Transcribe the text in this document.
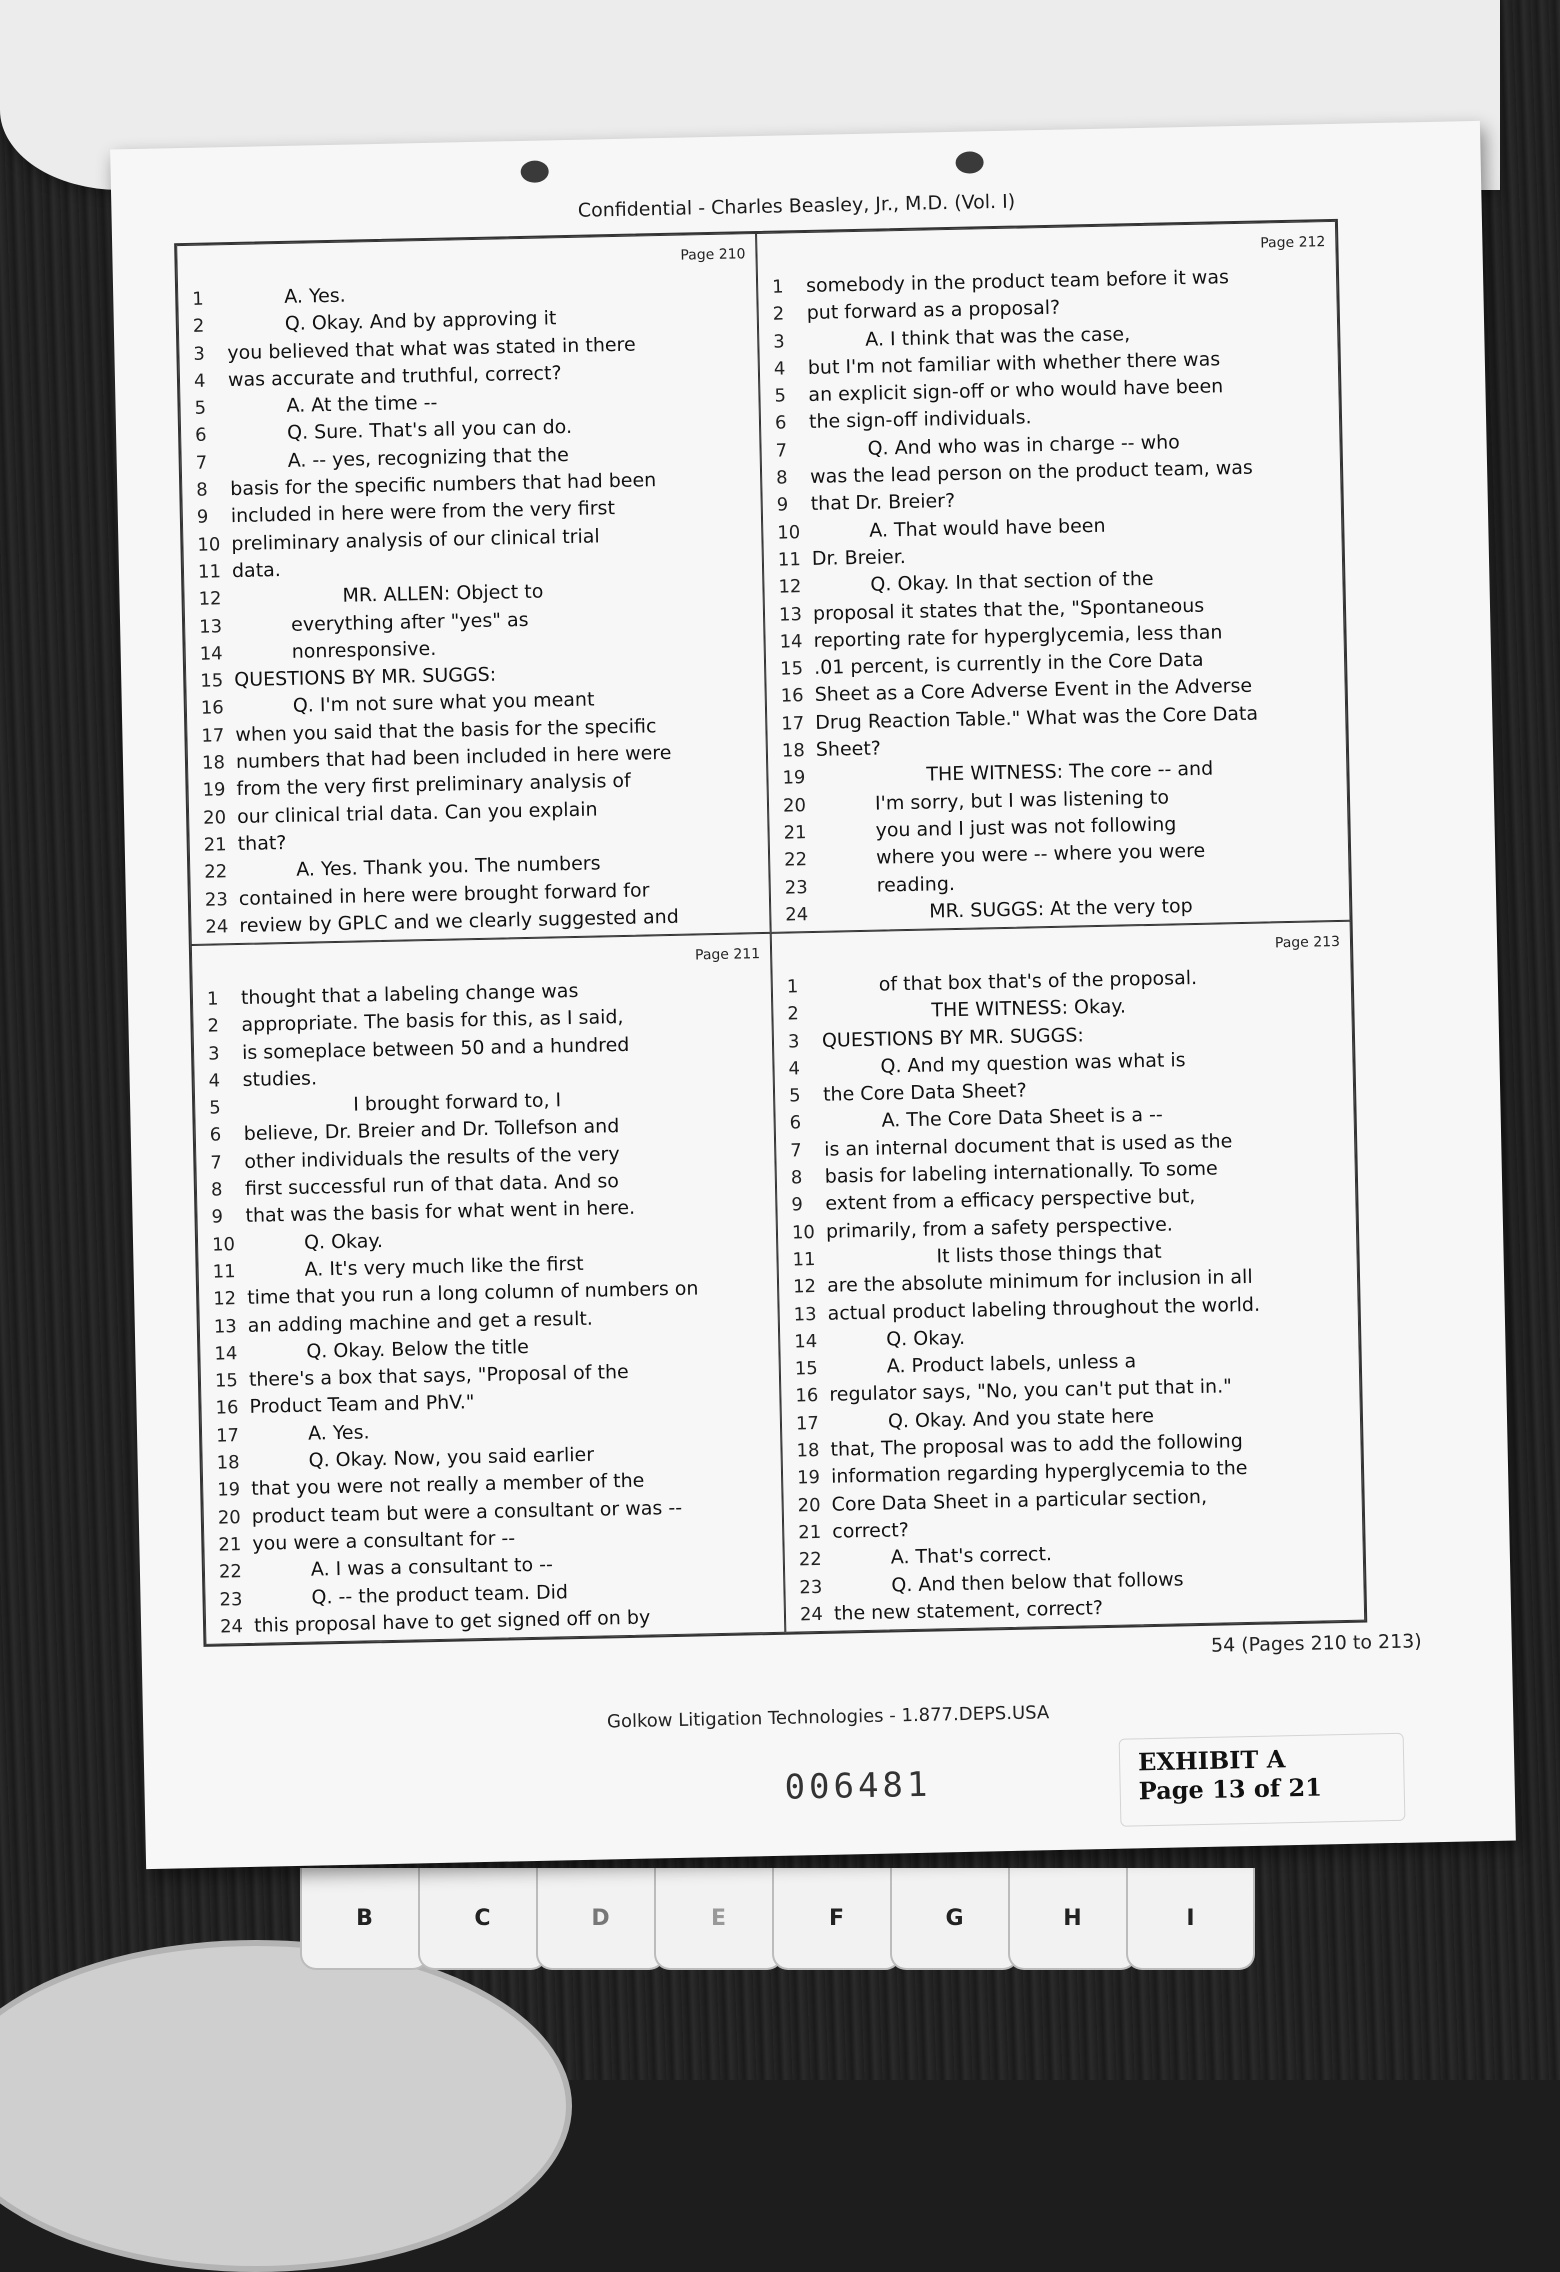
B	C	D	E	F	G	H	I
Confidential - Charles Beasley, Jr., M.D. (Vol. I)
Page 210
1	A. Yes.
2	Q. Okay. And by approving it
3	you believed that what was stated in there
4	was accurate and truthful, correct?
5	A. At the time --
6	Q. Sure. That's all you can do.
7	A. -- yes, recognizing that the
8	basis for the specific numbers that had been
9	included in here were from the very first
10 preliminary analysis of our clinical trial
11 data.
12	MR. ALLEN: Object to
13	everything after "yes" as
14	nonresponsive.
15 QUESTIONS BY MR. SUGGS:
16	Q. I'm not sure what you meant
17 when you said that the basis for the specific
18 numbers that had been included in here were
19 from the very first preliminary analysis of
20 our clinical trial data. Can you explain
21 that?
22	A. Yes. Thank you. The numbers
23 contained in here were brought forward for
24 review by GPLC and we clearly suggested and
Page 212
1	somebody in the product team before it was
2	put forward as a proposal?
3	A. I think that was the case,
4	but I'm not familiar with whether there was
5	an explicit sign-off or who would have been
6	the sign-off individuals.
7	Q. And who was in charge -- who
8	was the lead person on the product team, was
9	that Dr. Breier?
10	A. That would have been
11 Dr. Breier.
12	Q. Okay. In that section of the
13 proposal it states that the, "Spontaneous
14 reporting rate for hyperglycemia, less than
15 .01 percent, is currently in the Core Data
16 Sheet as a Core Adverse Event in the Adverse
17 Drug Reaction Table." What was the Core Data
18 Sheet?
19	THE WITNESS: The core -- and
20	I'm sorry, but I was listening to
21	you and I just was not following
22	where you were -- where you were
23	reading.
24	MR. SUGGS: At the very top
Page 211
1	thought that a labeling change was
2	appropriate. The basis for this, as I said,
3	is someplace between 50 and a hundred
4	studies.
5	I brought forward to, I
6	believe, Dr. Breier and Dr. Tollefson and
7	other individuals the results of the very
8	first successful run of that data. And so
9	that was the basis for what went in here.
10	Q. Okay.
11	A. It's very much like the first
12 time that you run a long column of numbers on
13 an adding machine and get a result.
14	Q. Okay. Below the title
15 there's a box that says, "Proposal of the
16 Product Team and PhV."
17	A. Yes.
18	Q. Okay. Now, you said earlier
19 that you were not really a member of the
20 product team but were a consultant or was --
21 you were a consultant for --
22	A. I was a consultant to --
23	Q. -- the product team. Did
24 this proposal have to get signed off on by
Page 213
1	of that box that's of the proposal.
2	THE WITNESS: Okay.
3	QUESTIONS BY MR. SUGGS:
4	Q. And my question was what is
5	the Core Data Sheet?
6	A. The Core Data Sheet is a --
7	is an internal document that is used as the
8	basis for labeling internationally. To some
9	extent from a efficacy perspective but,
10 primarily, from a safety perspective.
11	It lists those things that
12 are the absolute minimum for inclusion in all
13 actual product labeling throughout the world.
14	Q. Okay.
15	A. Product labels, unless a
16 regulator says, "No, you can't put that in."
17	Q. Okay. And you state here
18 that, The proposal was to add the following
19 information regarding hyperglycemia to the
20 Core Data Sheet in a particular section,
21 correct?
22	A. That's correct.
23	Q. And then below that follows
24 the new statement, correct?
54 (Pages 210 to 213)
Golkow Litigation Technologies - 1.877.DEPS.USA
006481
EXHIBIT A
Page 13 of 21
